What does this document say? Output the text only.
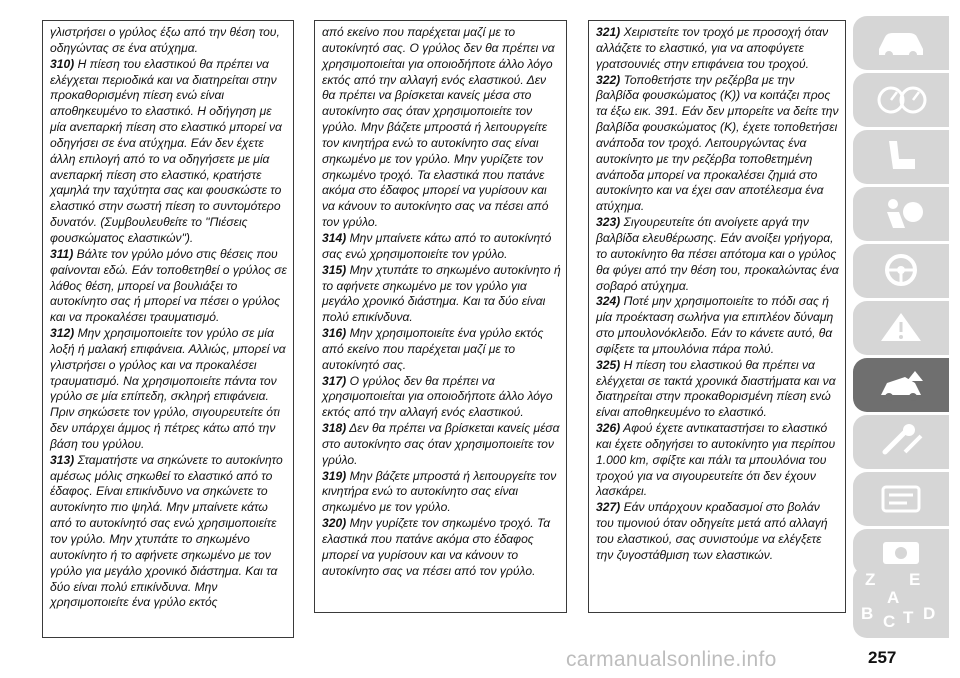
γλιστρήσει ο γρύλος έξω από την θέση του, οδηγώντας σε ένα ατύχημα.

310) Η πίεση του ελαστικού θα πρέπει να ελέγχεται περιοδικά και να διατηρείται στην προκαθορισμένη πίεση ενώ είναι αποθηκευμένο το ελαστικό. Η οδήγηση με μία ανεπαρκή πίεση στο ελαστικό μπορεί να οδηγήσει σε ένα ατύχημα. Εάν δεν έχετε άλλη επιλογή από το να οδηγήσετε με μία ανεπαρκή πίεση στο ελαστικό, κρατήστε χαμηλά την ταχύτητα σας και φουσκώστε το ελαστικό στην σωστή πίεση το συντομότερο δυνατόν. (Συμβουλευθείτε το "Πιέσεις φουσκώματος ελαστικών").

311) Βάλτε τον γρύλο μόνο στις θέσεις που φαίνονται εδώ. Εάν τοποθετηθεί ο γρύλος σε λάθος θέση, μπορεί να βουλιάξει το αυτοκίνητο σας ή μπορεί να πέσει ο γρύλος και να προκαλέσει τραυματισμό.

312) Μην χρησιμοποιείτε τον γρύλο σε μία λοξή ή μαλακή επιφάνεια. Αλλιώς, μπορεί να γλιστρήσει ο γρύλος και να προκαλέσει τραυματισμό. Να χρησιμοποιείτε πάντα τον γρύλο σε μία επίπεδη, σκληρή επιφάνεια. Πριν σηκώσετε τον γρύλο, σιγουρευτείτε ότι δεν υπάρχει άμμος ή πέτρες κάτω από την βάση του γρύλου.

313) Σταματήστε να σηκώνετε το αυτοκίνητο αμέσως μόλις σηκωθεί το ελαστικό από το έδαφος. Είναι επικίνδυνο να σηκώνετε το αυτοκίνητο πιο ψηλά. Μην μπαίνετε κάτω από το αυτοκίνητό σας ενώ χρησιμοποιείτε τον γρύλο. Μην χτυπάτε το σηκωμένο αυτοκίνητο ή το αφήνετε σηκωμένο με τον γρύλο για μεγάλο χρονικό διάστημα. Και τα δύο είναι πολύ επικίνδυνα. Μην χρησιμοποιείτε ένα γρύλο εκτός

από εκείνο που παρέχεται μαζί με το αυτοκίνητό σας. Ο γρύλος δεν θα πρέπει να χρησιμοποιείται για οποιοδήποτε άλλο λόγο εκτός από την αλλαγή ενός ελαστικού. Δεν θα πρέπει να βρίσκεται κανείς μέσα στο αυτοκίνητο σας όταν χρησιμοποιείτε τον γρύλο. Μην βάζετε μπροστά ή λειτουργείτε τον κινητήρα ενώ το αυτοκίνητο σας είναι σηκωμένο με τον γρύλο. Μην γυρίζετε τον σηκωμένο τροχό. Τα ελαστικά που πατάνε ακόμα στο έδαφος μπορεί να γυρίσουν και να κάνουν το αυτοκίνητο σας να πέσει από τον γρύλο.

314) Μην μπαίνετε κάτω από το αυτοκίνητό σας ενώ χρησιμοποιείτε τον γρύλο.

315) Μην χτυπάτε το σηκωμένο αυτοκίνητο ή το αφήνετε σηκωμένο με τον γρύλο για μεγάλο χρονικό διάστημα. Και τα δύο είναι πολύ επικίνδυνα.

316) Μην χρησιμοποιείτε ένα γρύλο εκτός από εκείνο που παρέχεται μαζί με το αυτοκίνητό σας.

317) Ο γρύλος δεν θα πρέπει να χρησιμοποιείται για οποιοδήποτε άλλο λόγο εκτός από την αλλαγή ενός ελαστικού.

318) Δεν θα πρέπει να βρίσκεται κανείς μέσα στο αυτοκίνητο σας όταν χρησιμοποιείτε τον γρύλο.

319) Μην βάζετε μπροστά ή λειτουργείτε τον κινητήρα ενώ το αυτοκίνητο σας είναι σηκωμένο με τον γρύλο.

320) Μην γυρίζετε τον σηκωμένο τροχό. Τα ελαστικά που πατάνε ακόμα στο έδαφος μπορεί να γυρίσουν και να κάνουν το αυτοκίνητο σας να πέσει από τον γρύλο.

321) Χειριστείτε τον τροχό με προσοχή όταν αλλάζετε το ελαστικό, για να αποφύγετε γρατσουνιές στην επιφάνεια του τροχού.

322) Τοποθετήστε την ρεζέρβα με την βαλβίδα φουσκώματος (K)) να κοιτάζει προς τα έξω εικ. 391. Εάν δεν μπορείτε να δείτε την βαλβίδα φουσκώματος (K), έχετε τοποθετήσει ανάποδα τον τροχό. Λειτουργώντας ένα αυτοκίνητο με την ρεζέρβα τοποθετημένη ανάποδα μπορεί να προκαλέσει ζημιά στο αυτοκίνητο και να έχει σαν αποτέλεσμα ένα ατύχημα.

323) Σιγουρευτείτε ότι ανοίγετε αργά την βαλβίδα ελευθέρωσης. Εάν ανοίξει γρήγορα, το αυτοκίνητο θα πέσει απότομα και ο γρύλος θα φύγει από την θέση του, προκαλώντας ένα σοβαρό ατύχημα.

324) Ποτέ μην χρησιμοποιείτε το πόδι σας ή μία προέκταση σωλήνα για επιπλέον δύναμη στο μπουλονόκλειδο. Εάν το κάνετε αυτό, θα σφίξετε τα μπουλόνια πάρα πολύ.

325) Η πίεση του ελαστικού θα πρέπει να ελέγχεται σε τακτά χρονικά διαστήματα και να διατηρείται στην προκαθορισμένη πίεση ενώ είναι αποθηκευμένο το ελαστικό.

326) Αφού έχετε αντικαταστήσει το ελαστικό και έχετε οδηγήσει το αυτοκίνητο για περίπου 1.000 km, σφίξτε και πάλι τα μπουλόνια του τροχού για να σιγουρευτείτε ότι δεν έχουν λασκάρει.

327) Εάν υπάρχουν κραδασμοί στο βολάν του τιμονιού όταν οδηγείτε μετά από αλλαγή του ελαστικού, σας συνιστούμε να ελέγξετε την ζυγοστάθμιση των ελαστικών.

Z E
A
B C T D
carmanualsonline.info	257
